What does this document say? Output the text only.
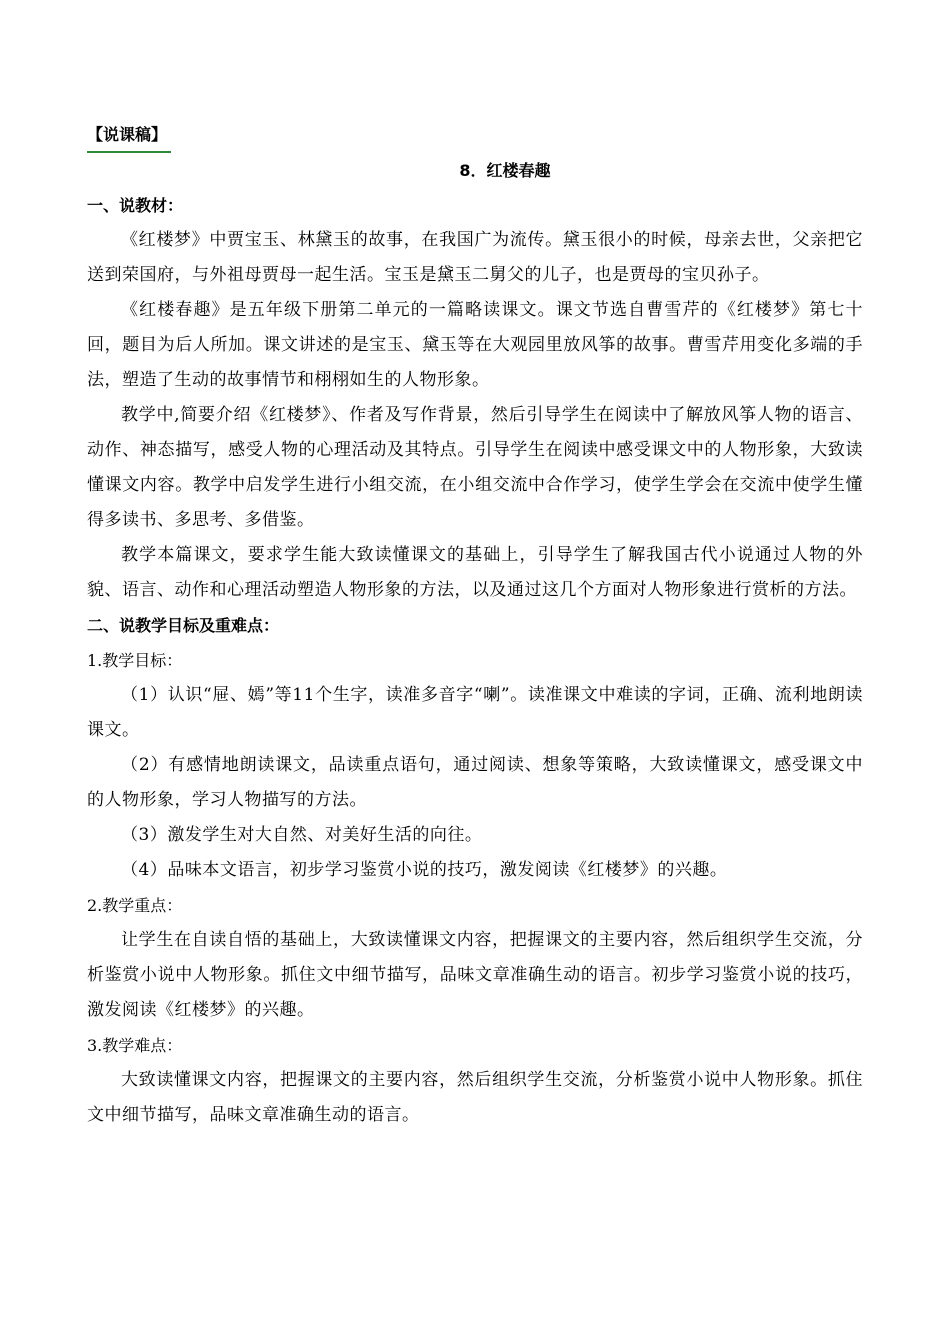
【说课稿】
8．红楼春趣
一、说教材：

《红楼梦》中贾宝玉、林黛玉的故事，在我国广为流传。黛玉很小的时候，母亲去世，父亲把它送到荣国府，与外祖母贾母一起生活。宝玉是黛玉二舅父的儿子，也是贾母的宝贝孙子。

《红楼春趣》是五年级下册第二单元的一篇略读课文。课文节选自曹雪芹的《红楼梦》第七十回，题目为后人所加。课文讲述的是宝玉、黛玉等在大观园里放风筝的故事。曹雪芹用变化多端的手法，塑造了生动的故事情节和栩栩如生的人物形象。

教学中,简要介绍《红楼梦》、作者及写作背景，然后引导学生在阅读中了解放风筝人物的语言、动作、神态描写，感受人物的心理活动及其特点。引导学生在阅读中感受课文中的人物形象，大致读懂课文内容。教学中启发学生进行小组交流，在小组交流中合作学习，使学生学会在交流中使学生懂得多读书、多思考、多借鉴。

教学本篇课文，要求学生能大致读懂课文的基础上，引导学生了解我国古代小说通过人物的外貌、语言、动作和心理活动塑造人物形象的方法，以及通过这几个方面对人物形象进行赏析的方法。

二、说教学目标及重难点：

1.教学目标：

（1）认识“屉、嫣”等11个生字，读准多音字“喇”。读准课文中难读的字词，正确、流利地朗读课文。

（2）有感情地朗读课文，品读重点语句，通过阅读、想象等策略，大致读懂课文，感受课文中的人物形象，学习人物描写的方法。

（3）激发学生对大自然、对美好生活的向往。

（4）品味本文语言，初步学习鉴赏小说的技巧，激发阅读《红楼梦》的兴趣。

2.教学重点：

让学生在自读自悟的基础上，大致读懂课文内容，把握课文的主要内容，然后组织学生交流，分析鉴赏小说中人物形象。抓住文中细节描写，品味文章准确生动的语言。初步学习鉴赏小说的技巧，激发阅读《红楼梦》的兴趣。

3.教学难点：

大致读懂课文内容，把握课文的主要内容，然后组织学生交流，分析鉴赏小说中人物形象。抓住文中细节描写，品味文章准确生动的语言。
